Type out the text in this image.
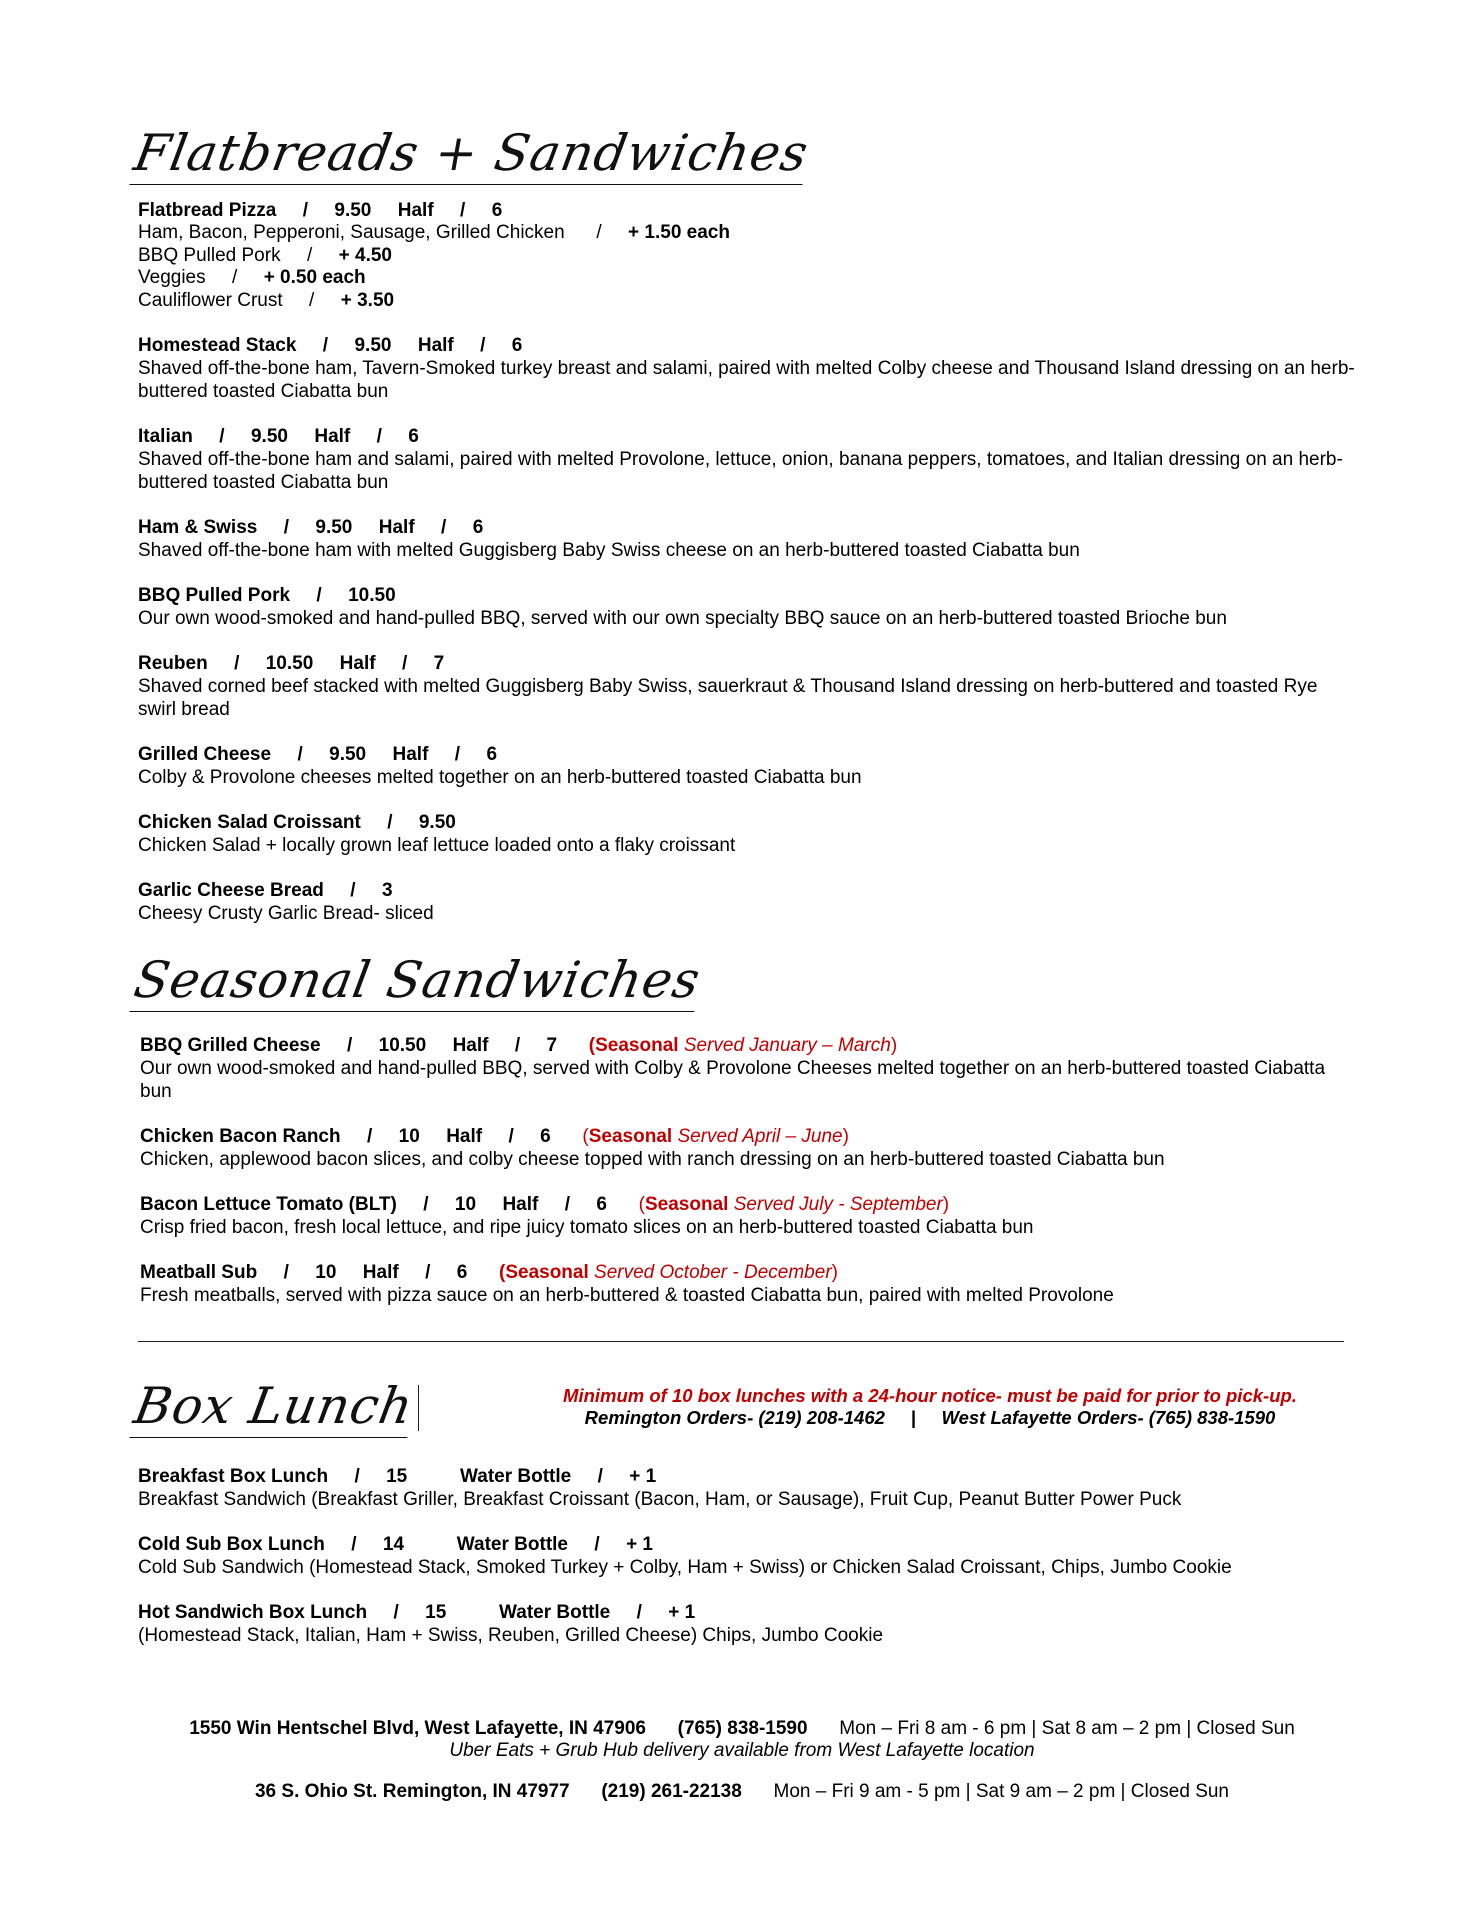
Flatbreads + Sandwiches
Flatbread Pizza     /     9.50     Half     /     6
Ham, Bacon, Pepperoni, Sausage, Grilled Chicken      /     + 1.50 each
BBQ Pulled Pork     /     + 4.50
Veggies     /     + 0.50 each
Cauliflower Crust     /     + 3.50
Homestead Stack     /     9.50     Half     /     6
Shaved off-the-bone ham, Tavern-Smoked turkey breast and salami, paired with melted Colby cheese and Thousand Island dressing on an herb-buttered toasted Ciabatta bun
Italian     /     9.50     Half     /     6
Shaved off-the-bone ham and salami, paired with melted Provolone, lettuce, onion, banana peppers, tomatoes, and Italian dressing on an herb-buttered toasted Ciabatta bun
Ham & Swiss     /     9.50     Half     /     6
Shaved off-the-bone ham with melted Guggisberg Baby Swiss cheese on an herb-buttered toasted Ciabatta bun
BBQ Pulled Pork     /     10.50
Our own wood-smoked and hand-pulled BBQ, served with our own specialty BBQ sauce on an herb-buttered toasted Brioche bun
Reuben     /     10.50     Half     /     7
Shaved corned beef stacked with melted Guggisberg Baby Swiss, sauerkraut & Thousand Island dressing on herb-buttered and toasted Rye swirl bread
Grilled Cheese     /     9.50     Half     /     6
Colby & Provolone cheeses melted together on an herb-buttered toasted Ciabatta bun
Chicken Salad Croissant     /     9.50
Chicken Salad + locally grown leaf lettuce loaded onto a flaky croissant
Garlic Cheese Bread     /     3
Cheesy Crusty Garlic Bread- sliced
Seasonal Sandwiches
BBQ Grilled Cheese     /     10.50     Half     /     7 (Seasonal Served January – March)
Our own wood-smoked and hand-pulled BBQ, served with Colby & Provolone Cheeses melted together on an herb-buttered toasted Ciabatta bun
Chicken Bacon Ranch     /     10     Half     /     6 (Seasonal Served April – June)
Chicken, applewood bacon slices, and colby cheese topped with ranch dressing on an herb-buttered toasted Ciabatta bun
Bacon Lettuce Tomato (BLT)     /     10     Half     /     6 (Seasonal Served July - September)
Crisp fried bacon, fresh local lettuce, and ripe juicy tomato slices on an herb-buttered toasted Ciabatta bun
Meatball Sub     /     10     Half     /     6 (Seasonal Served October - December)
Fresh meatballs, served with pizza sauce on an herb-buttered & toasted Ciabatta bun, paired with melted Provolone
Box Lunch	Minimum of 10 box lunches with a 24-hour notice- must be paid for prior to pick-up.
Remington Orders- (219) 208-1462     |     West Lafayette Orders- (765) 838-1590
Breakfast Box Lunch     /     15          Water Bottle     /     + 1
Breakfast Sandwich (Breakfast Griller, Breakfast Croissant (Bacon, Ham, or Sausage), Fruit Cup, Peanut Butter Power Puck
Cold Sub Box Lunch     /     14          Water Bottle     /     + 1
Cold Sub Sandwich (Homestead Stack, Smoked Turkey + Colby, Ham + Swiss) or Chicken Salad Croissant, Chips, Jumbo Cookie
Hot Sandwich Box Lunch     /     15          Water Bottle     /     + 1
(Homestead Stack, Italian, Ham + Swiss, Reuben, Grilled Cheese) Chips, Jumbo Cookie
1550 Win Hentschel Blvd, West Lafayette, IN 47906 (765) 838-1590 Mon – Fri 8 am - 6 pm | Sat 8 am – 2 pm | Closed Sun
Uber Eats + Grub Hub delivery available from West Lafayette location
36 S. Ohio St. Remington, IN 47977 (219) 261-22138 Mon – Fri 9 am - 5 pm | Sat 9 am – 2 pm | Closed Sun
